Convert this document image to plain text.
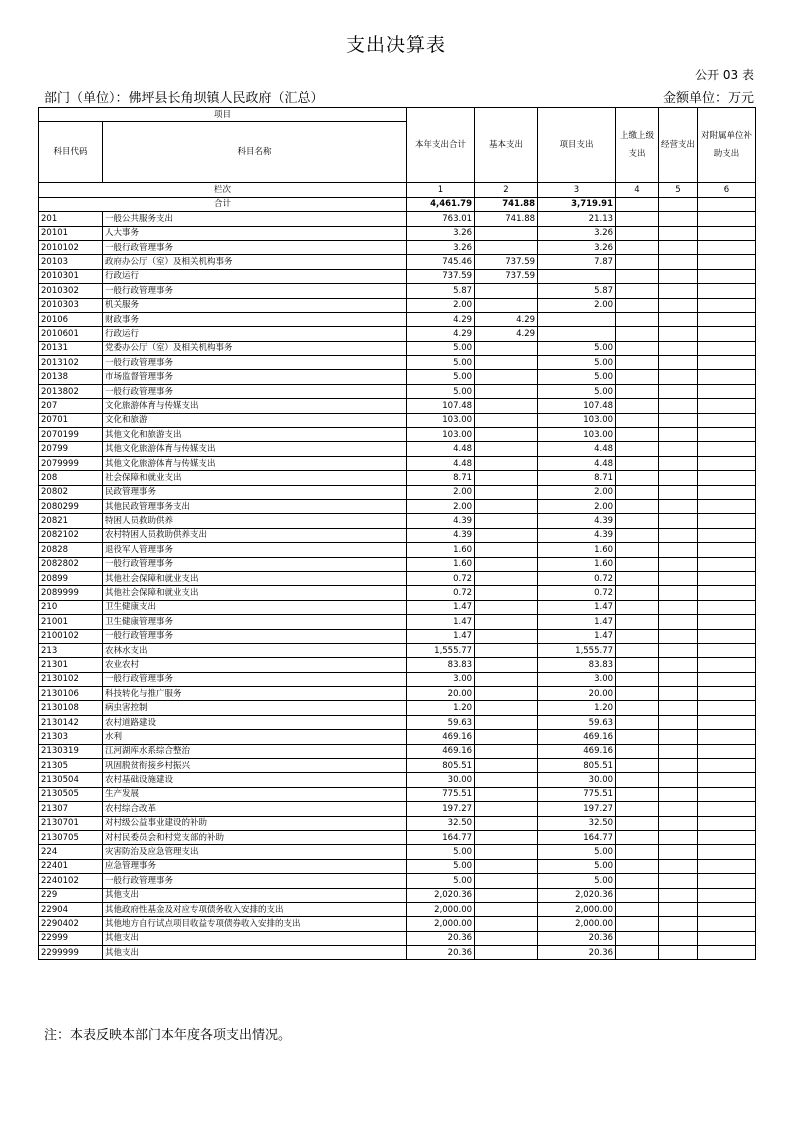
支出决算表
公开 03 表
部门（单位）：佛坪县长角坝镇人民政府（汇总）	金额单位：万元
项目		本年支出合计	基本支出	项目支出	上缴上级支出	经营支出	对附属单位补助支出
科目代码	科目名称						
栏次		1	2	3	4	5	6
合计		4,461.79	741.88	3,719.91			
201	一般公共服务支出	763.01	741.88	21.13			
20101	人大事务	3.26		3.26			
2010102	一般行政管理事务	3.26		3.26			
20103	政府办公厅（室）及相关机构事务	745.46	737.59	7.87			
2010301	行政运行	737.59	737.59				
2010302	一般行政管理事务	5.87		5.87			
2010303	机关服务	2.00		2.00			
20106	财政事务	4.29	4.29				
2010601	行政运行	4.29	4.29				
20131	党委办公厅（室）及相关机构事务	5.00		5.00			
2013102	一般行政管理事务	5.00		5.00			
20138	市场监督管理事务	5.00		5.00			
2013802	一般行政管理事务	5.00		5.00			
207	文化旅游体育与传媒支出	107.48		107.48			
20701	文化和旅游	103.00		103.00			
2070199	其他文化和旅游支出	103.00		103.00			
20799	其他文化旅游体育与传媒支出	4.48		4.48			
2079999	其他文化旅游体育与传媒支出	4.48		4.48			
208	社会保障和就业支出	8.71		8.71			
20802	民政管理事务	2.00		2.00			
2080299	其他民政管理事务支出	2.00		2.00			
20821	特困人员救助供养	4.39		4.39			
2082102	农村特困人员救助供养支出	4.39		4.39			
20828	退役军人管理事务	1.60		1.60			
2082802	一般行政管理事务	1.60		1.60			
20899	其他社会保障和就业支出	0.72		0.72			
2089999	其他社会保障和就业支出	0.72		0.72			
210	卫生健康支出	1.47		1.47			
21001	卫生健康管理事务	1.47		1.47			
2100102	一般行政管理事务	1.47		1.47			
213	农林水支出	1,555.77		1,555.77			
21301	农业农村	83.83		83.83			
2130102	一般行政管理事务	3.00		3.00			
2130106	科技转化与推广服务	20.00		20.00			
2130108	病虫害控制	1.20		1.20			
2130142	农村道路建设	59.63		59.63			
21303	水利	469.16		469.16			
2130319	江河湖库水系综合整治	469.16		469.16			
21305	巩固脱贫衔接乡村振兴	805.51		805.51			
2130504	农村基础设施建设	30.00		30.00			
2130505	生产发展	775.51		775.51			
21307	农村综合改革	197.27		197.27			
2130701	对村级公益事业建设的补助	32.50		32.50			
2130705	对村民委员会和村党支部的补助	164.77		164.77			
224	灾害防治及应急管理支出	5.00		5.00			
22401	应急管理事务	5.00		5.00			
2240102	一般行政管理事务	5.00		5.00			
229	其他支出	2,020.36		2,020.36			
22904	其他政府性基金及对应专项债务收入安排的支出	2,000.00		2,000.00			
2290402	其他地方自行试点项目收益专项债券收入安排的支出	2,000.00		2,000.00			
22999	其他支出	20.36		20.36			
2299999	其他支出	20.36		20.36			
注：本表反映本部门本年度各项支出情况。
